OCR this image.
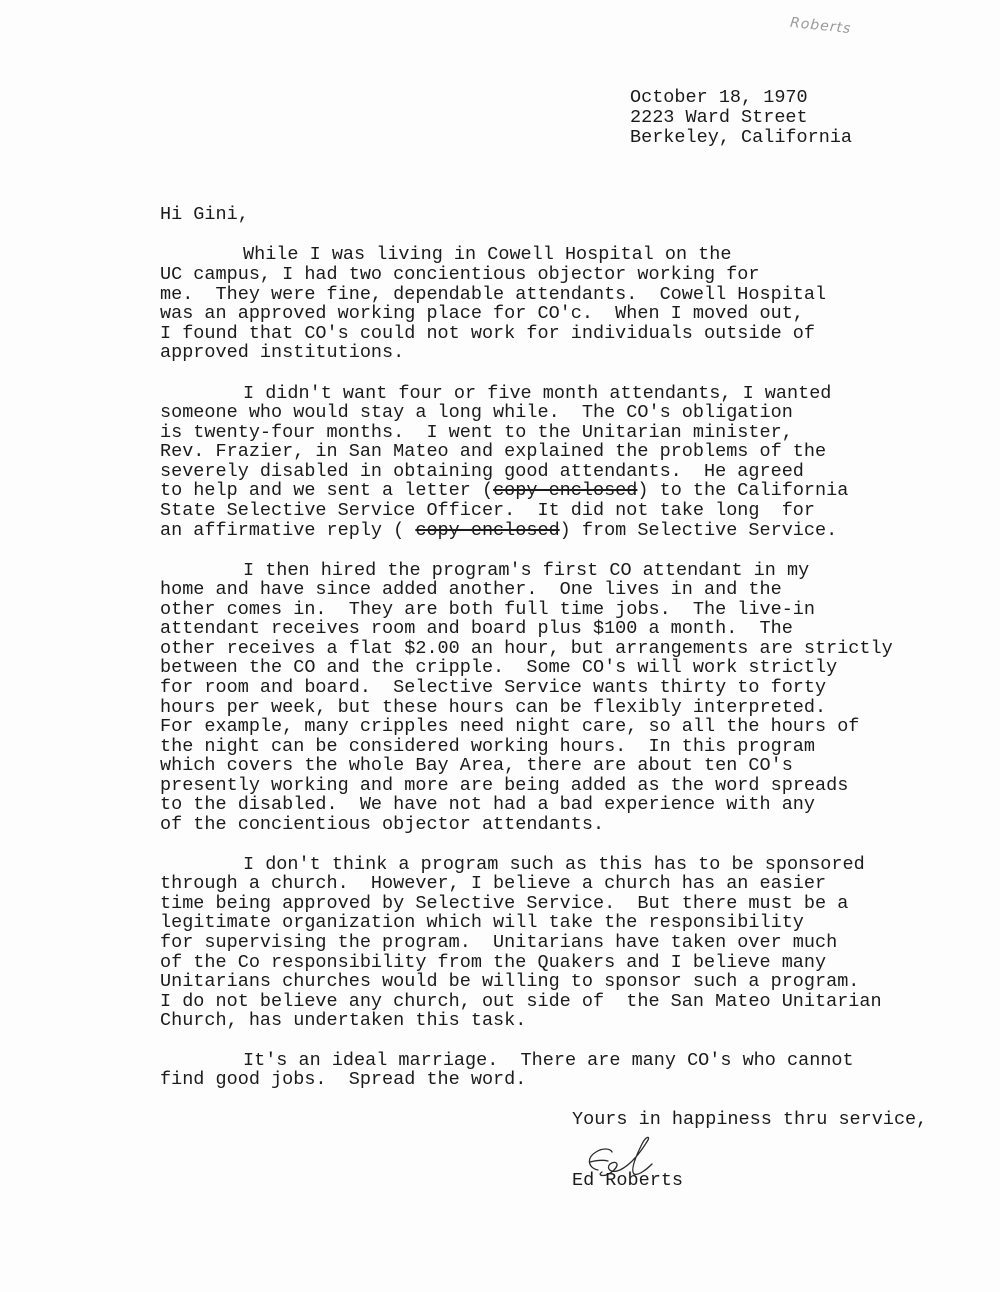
Roberts
October 18, 1970
2223 Ward Street
Berkeley, California
Hi Gini,
While I was living in Cowell Hospital on the
UC campus, I had two concientious objector working for
me.  They were fine, dependable attendants.  Cowell Hospital
was an approved working place for CO'c.  When I moved out,
I found that CO's could not work for individuals outside of
approved institutions.
I didn't want four or five month attendants, I wanted
someone who would stay a long while.  The CO's obligation
is twenty-four months.  I went to the Unitarian minister,
Rev. Frazier, in San Mateo and explained the problems of the
severely disabled in obtaining good attendants.  He agreed
to help and we sent a letter (copy enclosed) to the California
State Selective Service Officer.  It did not take long  for
an affirmative reply ( copy enclosed) from Selective Service.
I then hired the program's first CO attendant in my
home and have since added another.  One lives in and the
other comes in.  They are both full time jobs.  The live-in
attendant receives room and board plus $100 a month.  The
other receives a flat $2.00 an hour, but arrangements are strictly
between the CO and the cripple.  Some CO's will work strictly
for room and board.  Selective Service wants thirty to forty
hours per week, but these hours can be flexibly interpreted.
For example, many cripples need night care, so all the hours of
the night can be considered working hours.  In this program
which covers the whole Bay Area, there are about ten CO's
presently working and more are being added as the word spreads
to the disabled.  We have not had a bad experience with any
of the concientious objector attendants.
I don't think a program such as this has to be sponsored
through a church.  However, I believe a church has an easier
time being approved by Selective Service.  But there must be a
legitimate organization which will take the responsibility
for supervising the program.  Unitarians have taken over much
of the Co responsibility from the Quakers and I believe many
Unitarians churches would be willing to sponsor such a program.
I do not believe any church, out side of  the San Mateo Unitarian
Church, has undertaken this task.
It's an ideal marriage.  There are many CO's who cannot
find good jobs.  Spread the word.
Yours in happiness thru service,
Ed Roberts
